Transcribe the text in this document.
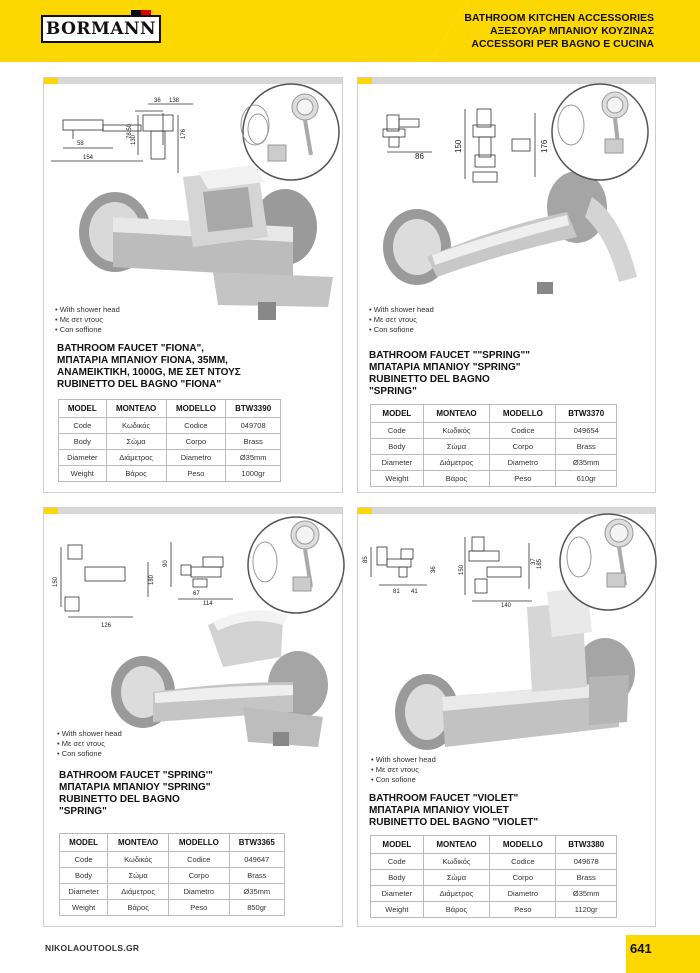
BORMANN
BATHROOM KITCHEN ACCESSORIES
ΑΞΕΣΟΥΑΡ ΜΠΑΝΙΟΥ ΚΟΥΖΙΝΑΣ
ACCESSORI PER BAGNO E CUCINA
36 138
78.50
130
176
58
154
• With shower head
• Με σετ ντους
• Con soffione
BATHROOM FAUCET "FIONA",
ΜΠΑΤΑΡΙΑ ΜΠΑΝΙΟΥ FIONA, 35MM,
ΑΝΑΜΕΙΚΤΙΚΗ, 1000G, ΜΕ ΣΕΤ ΝΤΟΥΣ
RUBINETTO DEL BAGNO "FIONA"
MODEL	ΜΟΝΤΕΛΟ	MODELLO	BTW3390
Code	Κωδικός	Codice	049708
Body	Σώμα	Corpo	Brass
Diameter	Διάμετρος	Diametro	Ø35mm
Weight	Βάρος	Peso	1000gr
86
150	176
• With shower head
• Με σετ ντους
• Con sofione
BATHROOM FAUCET ""SPRING""
ΜΠΑΤΑΡΙΑ ΜΠΑΝΙΟΥ "SPRING"
RUBINETTO DEL BAGNO
"SPRING"
MODEL	ΜΟΝΤΕΛΟ	MODELLO	BTW3370
Code	Κωδικός	Codice	049654
Body	Σώμα	Corpo	Brass
Diameter	Διάμετρος	Diametro	Ø35mm
Weight	Βάρος	Peso	610gr
150	180
90
67
114
126
• With shower head
• Με σετ ντους
• Con sofione
BATHROOM FAUCET "SPRING'"
ΜΠΑΤΑΡΙΑ ΜΠΑΝΙΟΥ "SPRING"
RUBINETTO DEL BAGNO
"SPRING"
MODEL	ΜΟΝΤΕΛΟ	MODELLO	BTW3365
Code	Κωδικός	Codice	049647
Body	Σώμα	Corpo	Brass
Diameter	Διάμετρος	Diametro	Ø35mm
Weight	Βάρος	Peso	850gr
85
36
81 41
150
37 185
140
• With shower head
• Με σετ ντους
• Con sofione
BATHROOM FAUCET "VIOLET"
ΜΠΑΤΑΡΙΑ ΜΠΑΝΙΟΥ VIOLET
RUBINETTO DEL BAGNO "VIOLET"
MODEL	ΜΟΝΤΕΛΟ	MODELLO	BTW3380
Code	Κωδικός	Codice	049678
Body	Σώμα	Corpo	Brass
Diameter	Διάμετρος	Diametro	Ø35mm
Weight	Βάρος	Peso	1120gr
NIKOLAOUTOOLS.GR	641
